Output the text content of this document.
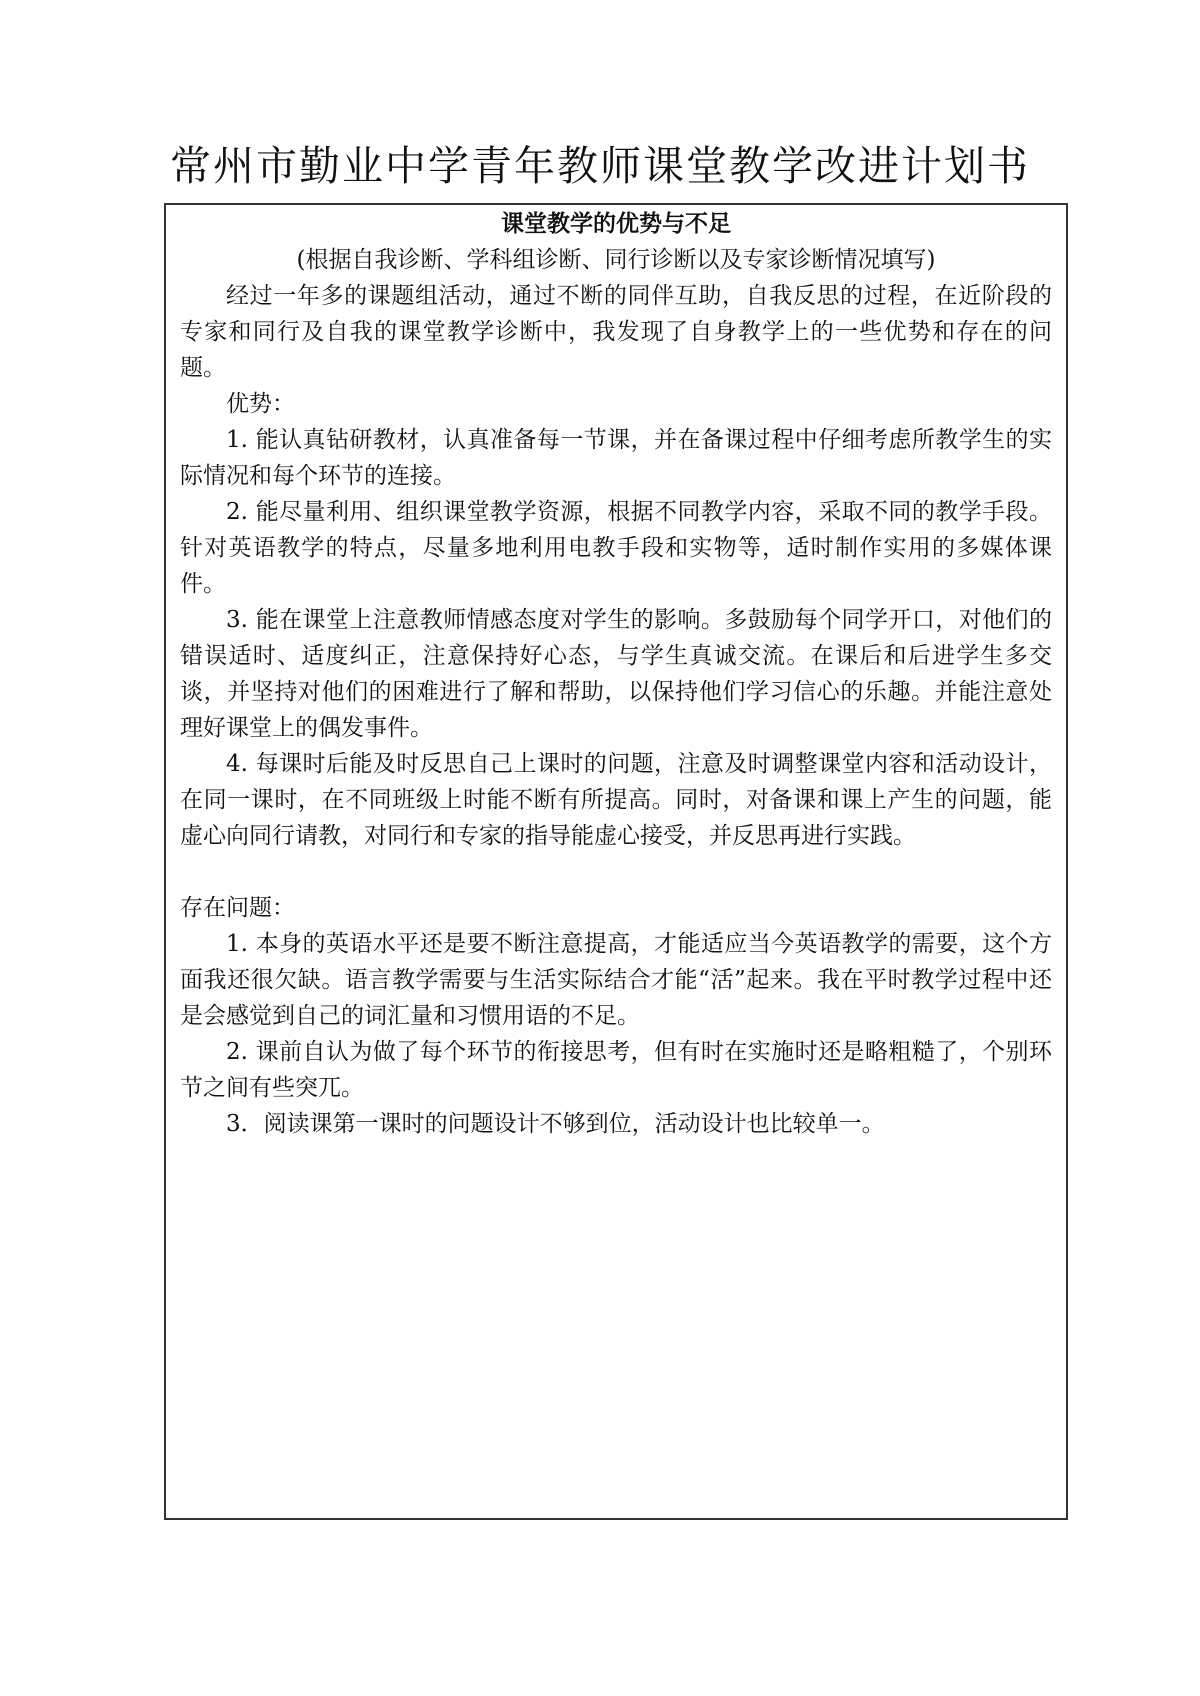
常州市勤业中学青年教师课堂教学改进计划书

课堂教学的优势与不足

(根据自我诊断、学科组诊断、同行诊断以及专家诊断情况填写)

经过一年多的课题组活动，通过不断的同伴互助，自我反思的过程，在近阶段的专家和同行及自我的课堂教学诊断中，我发现了自身教学上的一些优势和存在的问题。

优势：

1. 能认真钻研教材，认真准备每一节课，并在备课过程中仔细考虑所教学生的实际情况和每个环节的连接。

2. 能尽量利用、组织课堂教学资源，根据不同教学内容，采取不同的教学手段。针对英语教学的特点，尽量多地利用电教手段和实物等，适时制作实用的多媒体课件。

3. 能在课堂上注意教师情感态度对学生的影响。多鼓励每个同学开口，对他们的错误适时、适度纠正，注意保持好心态，与学生真诚交流。在课后和后进学生多交谈，并坚持对他们的困难进行了解和帮助，以保持他们学习信心的乐趣。并能注意处理好课堂上的偶发事件。

4. 每课时后能及时反思自己上课时的问题，注意及时调整课堂内容和活动设计，在同一课时，在不同班级上时能不断有所提高。同时，对备课和课上产生的问题，能虚心向同行请教，对同行和专家的指导能虚心接受，并反思再进行实践。

存在问题：

1. 本身的英语水平还是要不断注意提高，才能适应当今英语教学的需要，这个方面我还很欠缺。语言教学需要与生活实际结合才能“活”起来。我在平时教学过程中还是会感觉到自己的词汇量和习惯用语的不足。

2. 课前自认为做了每个环节的衔接思考，但有时在实施时还是略粗糙了，个别环节之间有些突兀。

3．阅读课第一课时的问题设计不够到位，活动设计也比较单一。
